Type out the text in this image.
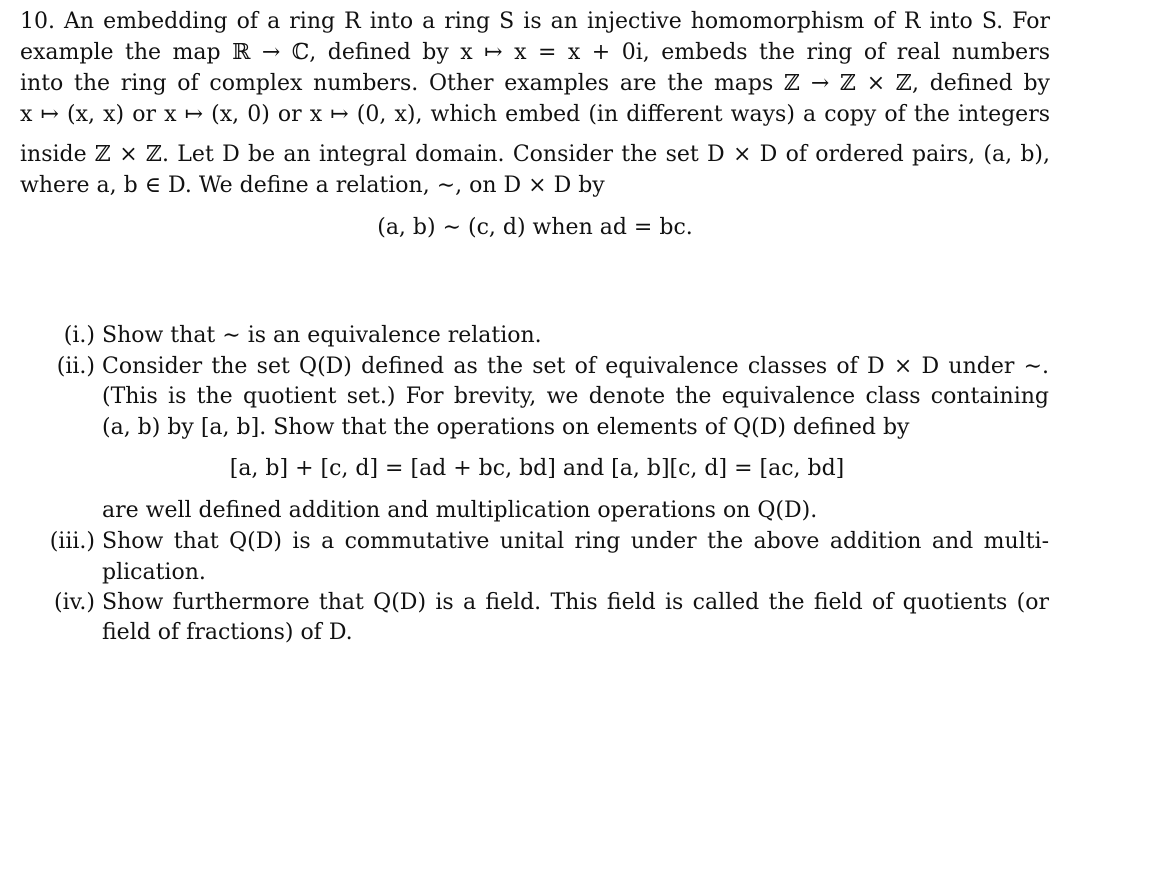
10. An embedding of a ring R into a ring S is an injective homomorphism of R into S. For
example the map ℝ → ℂ, defined by x ↦ x = x + 0i, embeds the ring of real numbers
into the ring of complex numbers. Other examples are the maps ℤ → ℤ × ℤ, defined by
x ↦ (x, x) or x ↦ (x, 0) or x ↦ (0, x), which embed (in different ways) a copy of the integers
inside ℤ × ℤ. Let D be an integral domain. Consider the set D × D of ordered pairs, (a, b),
where a, b ∈ D. We define a relation, ∼, on D × D by
(a, b) ∼ (c, d) when ad = bc.
(i.) Show that ∼ is an equivalence relation.
(ii.) Consider the set Q(D) defined as the set of equivalence classes of D × D under ∼.
(This is the quotient set.) For brevity, we denote the equivalence class containing
(a, b) by [a, b]. Show that the operations on elements of Q(D) defined by
[a, b] + [c, d] = [ad + bc, bd] and [a, b][c, d] = [ac, bd]
are well defined addition and multiplication operations on Q(D).
(iii.) Show that Q(D) is a commutative unital ring under the above addition and multi-
plication.
(iv.) Show furthermore that Q(D) is a field. This field is called the field of quotients (or
field of fractions) of D.
